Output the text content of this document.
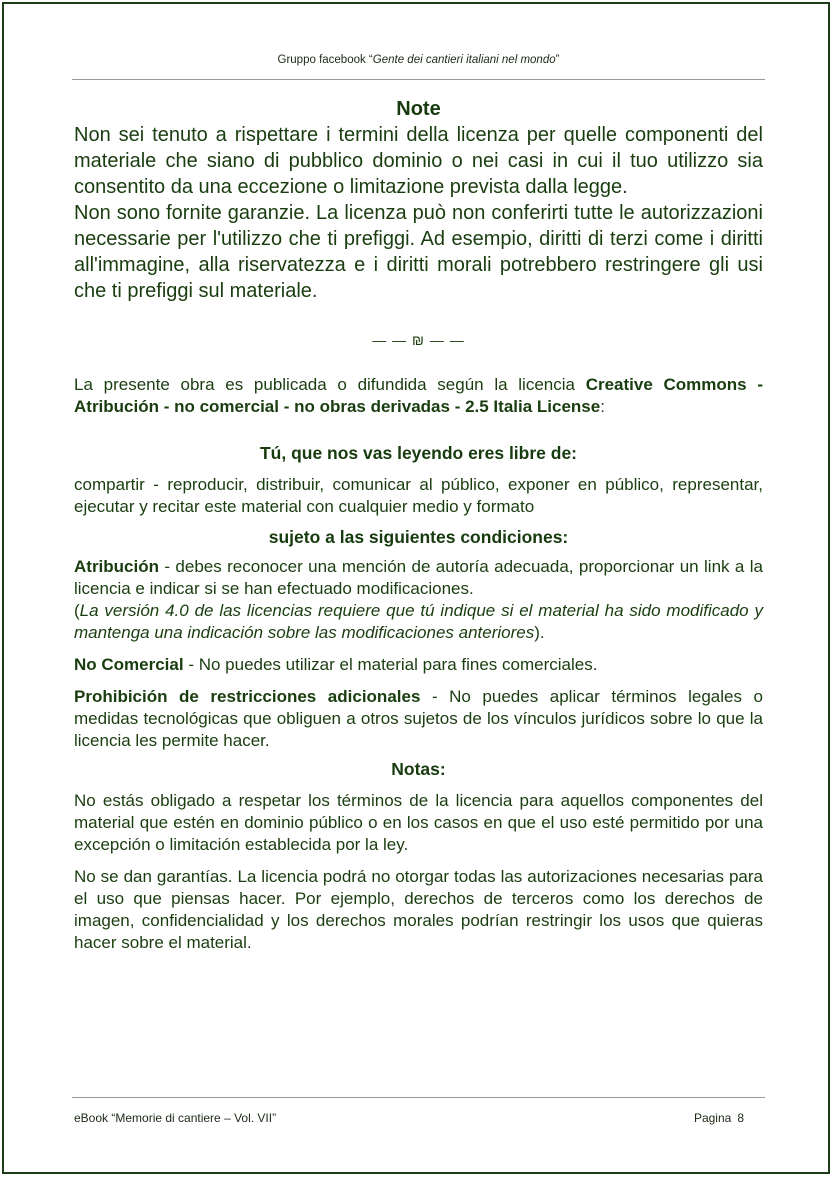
Gruppo facebook “Gente dei cantieri italiani nel mondo”
Note

Non sei tenuto a rispettare i termini della licenza per quelle componenti del materiale che siano di pubblico dominio o nei casi in cui il tuo utilizzo sia consentito da una eccezione o limitazione prevista dalla legge.

Non sono fornite garanzie. La licenza può non conferirti tutte le autorizzazioni necessarie per l'utilizzo che ti prefiggi. Ad esempio, diritti di terzi come i diritti all'immagine, alla riservatezza e i diritti morali potrebbero restringere gli usi che ti prefiggi sul materiale.

— — ₪ — —

La presente obra es publicada o difundida según la licencia Creative Commons - Atribución - no comercial - no obras derivadas - 2.5 Italia License:

Tú, que nos vas leyendo eres libre de:

compartir - reproducir, distribuir, comunicar al público, exponer en público, representar, ejecutar y recitar este material con cualquier medio y formato

sujeto a las siguientes condiciones:

Atribución - debes reconocer una mención de autoría adecuada, proporcionar un link a la licencia e indicar si se han efectuado modificaciones.

(La versión 4.0 de las licencias requiere que tú indique si el material ha sido modificado y mantenga una indicación sobre las modificaciones anteriores).

No Comercial - No puedes utilizar el material para fines comerciales.

Prohibición de restricciones adicionales - No puedes aplicar términos legales o medidas tecnológicas que obliguen a otros sujetos de los vínculos jurídicos sobre lo que la licencia les permite hacer.

Notas:

No estás obligado a respetar los términos de la licencia para aquellos componentes del material que estén en dominio público o en los casos en que el uso esté permitido por una excepción o limitación establecida por la ley.

No se dan garantías. La licencia podrá no otorgar todas las autorizaciones necesarias para el uso que piensas hacer. Por ejemplo, derechos de terceros como los derechos de imagen, confidencialidad y los derechos morales podrían restringir los usos que quieras hacer sobre el material.

eBook “Memorie di cantiere – Vol. VII”	Pagina 8
